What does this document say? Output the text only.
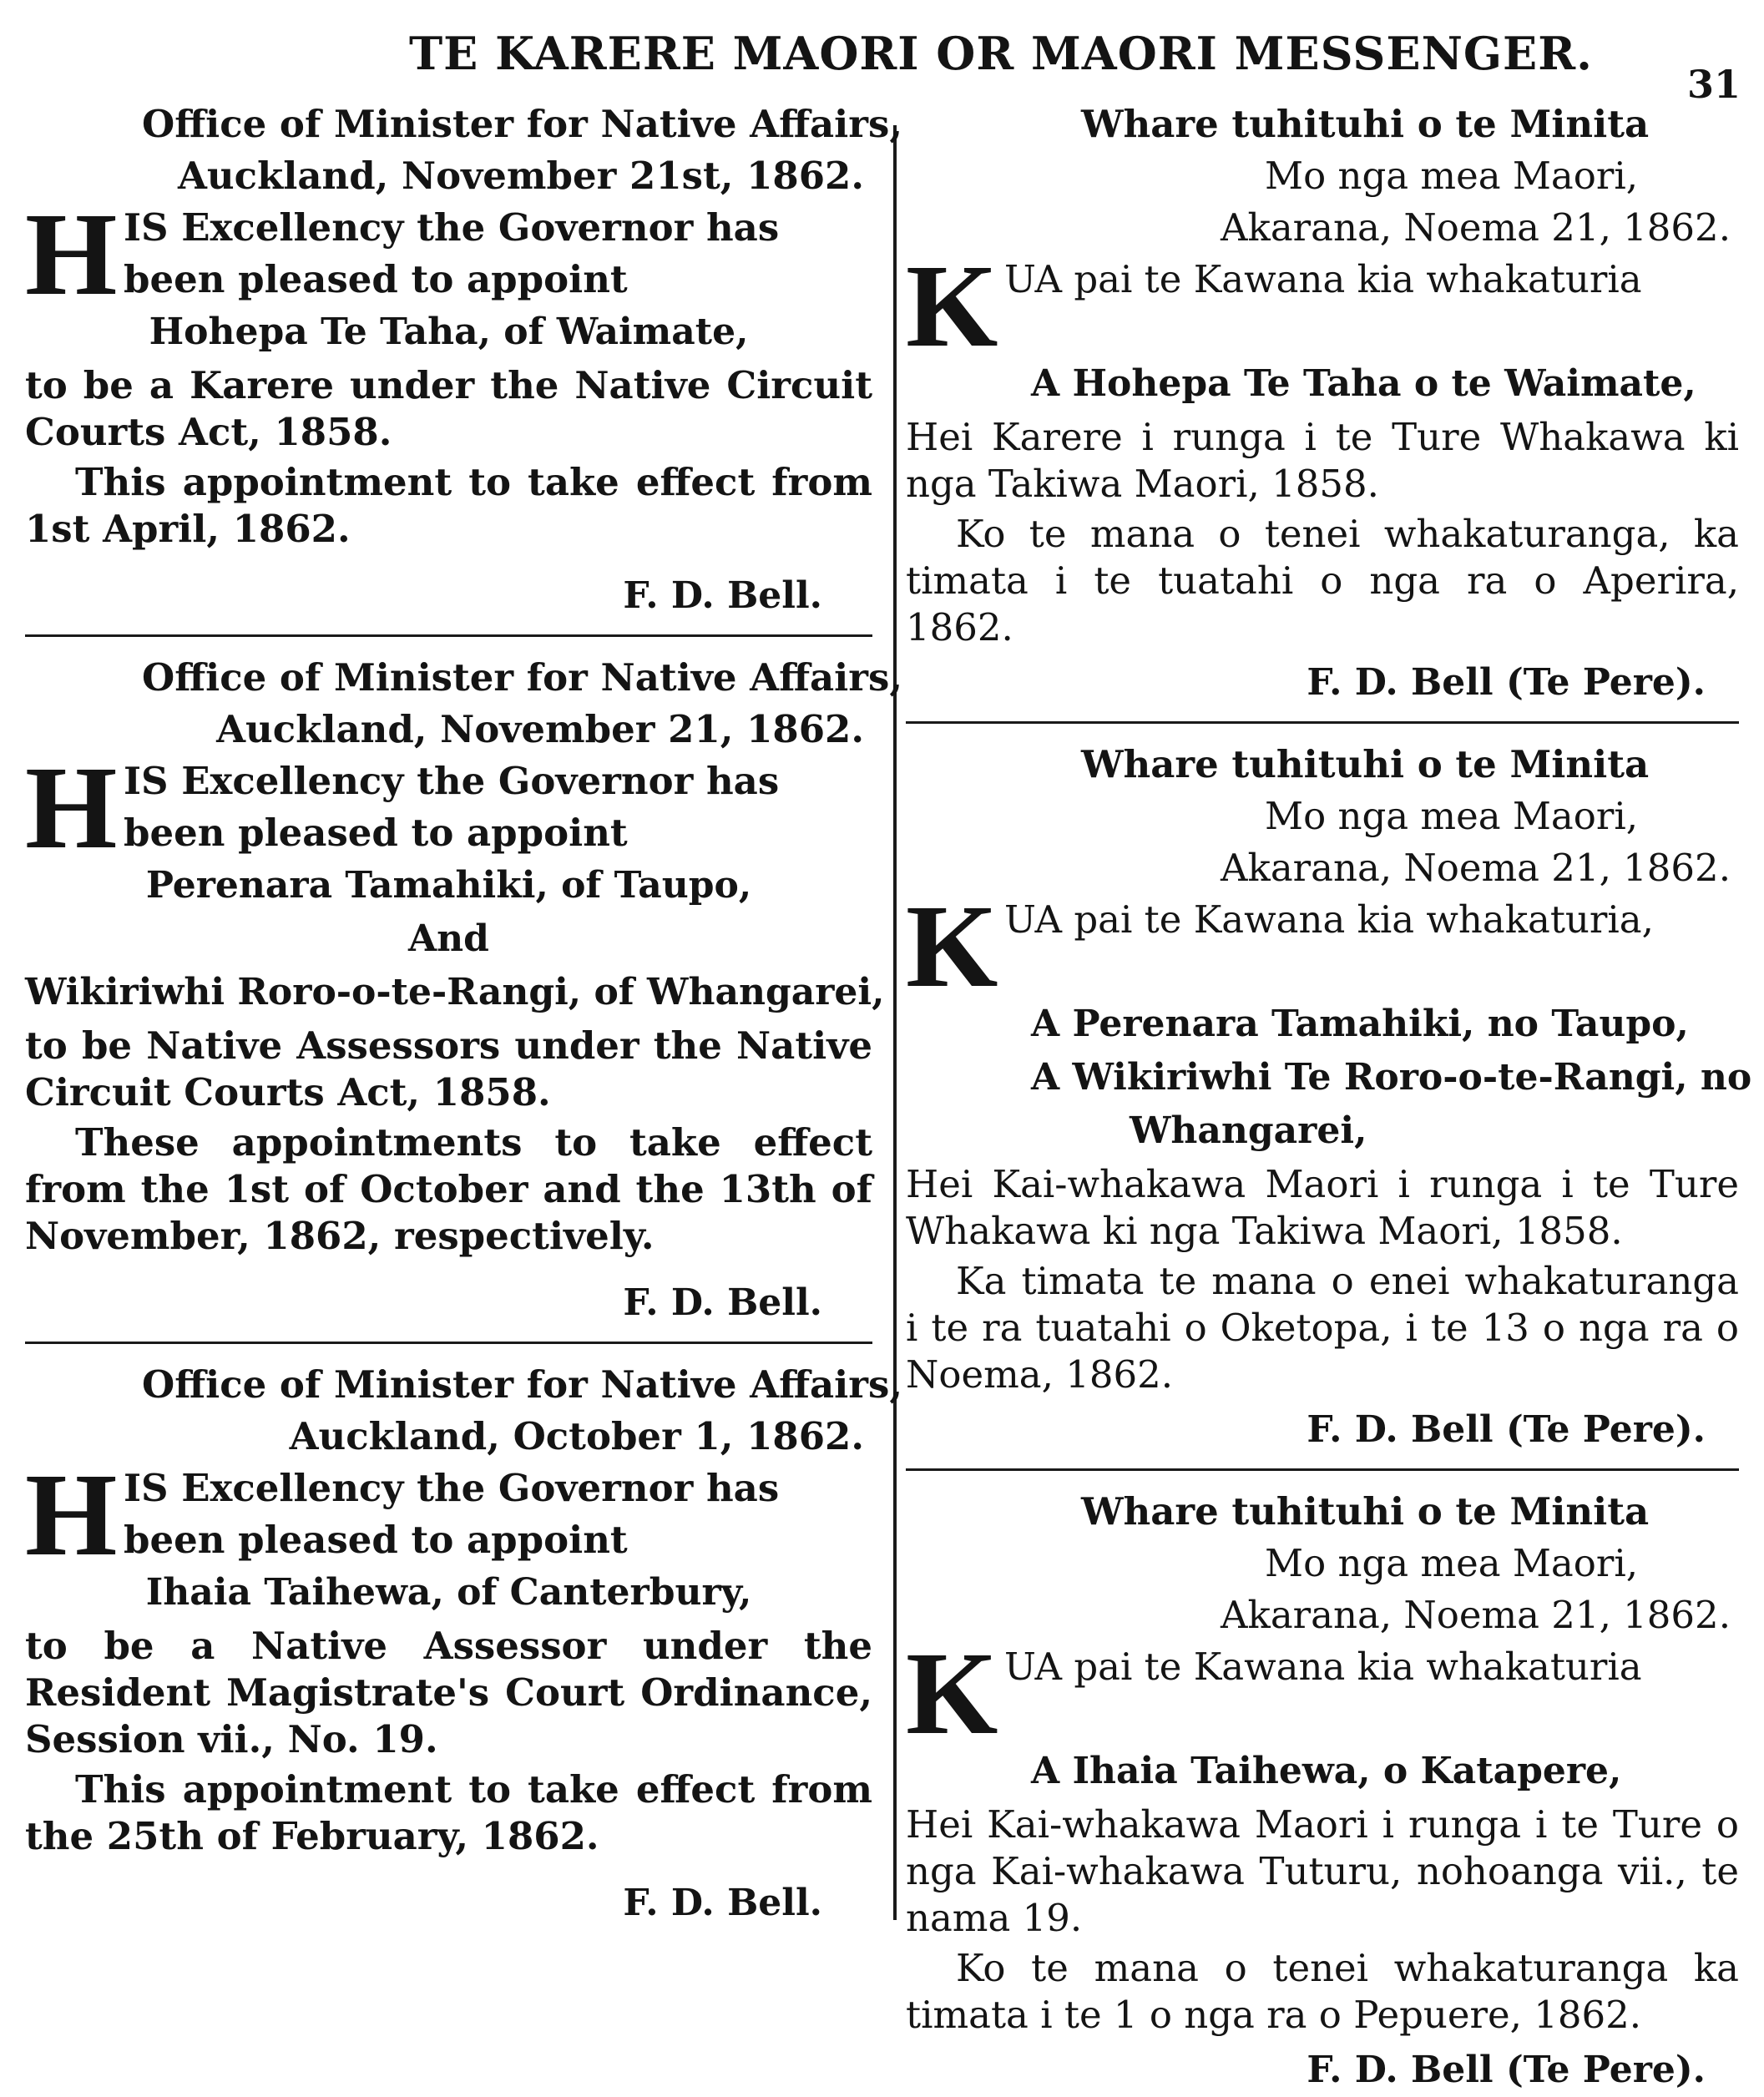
TE KARERE MAORI OR MAORI MESSENGER.
31
Office of Minister for Native Affairs,
Auckland, November 21st, 1862.
H IS Excellency the Governor has been pleased to appoint

Hohepa Te Taha, of Waimate,

to be a Karere under the Native Circuit Courts Act, 1858.

This appointment to take effect from 1st April, 1862.

F. D. Bell.
Office of Minister for Native Affairs,
Auckland, November 21, 1862.
H IS Excellency the Governor has been pleased to appoint

Perenara Tamahiki, of Taupo,
And
Wikiriwhi Roro-o-te-Rangi, of Whangarei,

to be Native Assessors under the Native Circuit Courts Act, 1858.

These appointments to take effect from the 1st of October and the 13th of November, 1862, respectively.

F. D. Bell.
Office of Minister for Native Affairs,
Auckland, October 1, 1862.
H IS Excellency the Governor has been pleased to appoint

Ihaia Taihewa, of Canterbury,

to be a Native Assessor under the Resident Magistrate's Court Ordinance, Session vii., No. 19.

This appointment to take effect from the 25th of February, 1862.

F. D. Bell.
Whare tuhituhi o te Minita
Mo nga mea Maori,
Akarana, Noema 21, 1862.
K UA pai te Kawana kia whakaturia

A Hohepa Te Taha o te Waimate,

Hei Karere i runga i te Ture Whakawa ki nga Takiwa Maori, 1858.

Ko te mana o tenei whakaturanga, ka timata i te tuatahi o nga ra o Aperira, 1862.

F. D. Bell (Te Pere).
Whare tuhituhi o te Minita
Mo nga mea Maori,
Akarana, Noema 21, 1862.
K UA pai te Kawana kia whakaturia,

A Perenara Tamahiki, no Taupo,
A Wikiriwhi Te Roro-o-te-Rangi, no
Whangarei,

Hei Kai-whakawa Maori i runga i te Ture Whakawa ki nga Takiwa Maori, 1858.

Ka timata te mana o enei whakaturanga i te ra tuatahi o Oketopa, i te 13 o nga ra o Noema, 1862.

F. D. Bell (Te Pere).
Whare tuhituhi o te Minita
Mo nga mea Maori,
Akarana, Noema 21, 1862.
K UA pai te Kawana kia whakaturia

A Ihaia Taihewa, o Katapere,

Hei Kai-whakawa Maori i runga i te Ture o nga Kai-whakawa Tuturu, nohoanga vii., te nama 19.

Ko te mana o tenei whakaturanga ka timata i te 1 o nga ra o Pepuere, 1862.

F. D. Bell (Te Pere).
